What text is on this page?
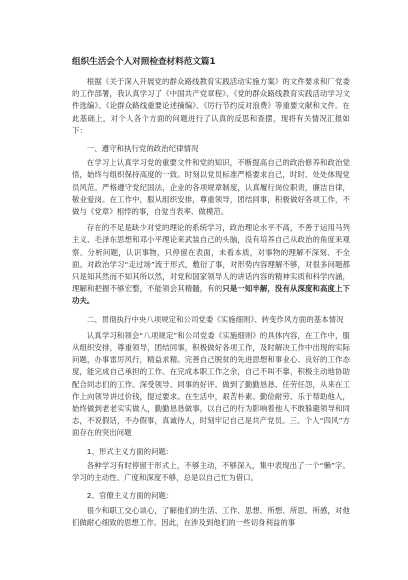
组织生活会个人对照检查材料范文篇1

根据《关于深入开展党的群众路线教育实践活动实施方案》的文件要求和厂党委的工作部署，我认真学习了《中国共产党章程》、《党的群众路线教育实践活动学习文件选编》、《论群众路线重要论述摘编》、《厉行节约反对浪费》等重要文献和文件。在此基础上，对个人各个方面的问题进行了认真的反思和查摆，现将有关情况汇报如下：

一、遵守和执行党的政治纪律情况

在学习上认真学习党的重要文件和党的知识，不断提高自己的政治修养和政治觉悟，始终与组织保持高度的一致。时刻以党员标准严格要求自己，时时、处处体现党员风范。严格遵守党纪国法，企业的各项规章制度，认真履行岗位职责，廉洁自律，敬业爱岗。在工作中，服从组织安排，尊重领导，团结同事，积极做好各项工作，不做与《党章》相悖的事，自觉当表率、做模范。

存在的不足是缺少对党的理论的系统学习，政治理论水平不高，不善于运用马列主义、毛泽东思想和邓小平理论来武装自己的头脑，没有培养自己从政治的角度来观察、分析问题，认识事物，只停留在表面，未看本质，对事物的理解不深刻、不全面。对政治学习“走过场”流于形式，敷衍了事，对形势内容理解不够，对很多问题都只是知其然而不知其所以然，对党和国家领导人的讲话内容的精神实质和科学内涵，理解和把握不够宏整，不能领会其精髓，有的只是一知半解，没有从深度和高度上下功夫。

二、贯彻执行中央八项规定和公司党委《实施细则》、转变作风方面的基本情况

认真学习和领会“八项规定”和公司党委《实施细则》的具体内容，在工作中，服从组织安排，尊重领导，团结同事，积极做好各项工作，及时解决工作中出现的实际问题，办事雷厉风行，精益求精。完善自己脱贫的先进思想和事业心、良好的工作态度，能完成自己承担的工作。在完成本职工作之余，自己不叫不靠，积极主动地协助配合同志们的工作。深受领导、同事的好评。做到了勤勤恳恳、任劳任怨，从来在工作上向领导讲过价钱，提过要求。在生活中，艰苦朴素、勤俭耐劳、乐于帮助他人，始终做到老老实实做人，勤勤恳恳做事，以自己的行为影响着他人不敢躲避领导和同志，不说假话，不办假事，真诚待人，时刻牢记自己是共产党员。三、个人“四风”方面存在的突出问题

1、形式主义方面的问题：

各种学习有时停留于形式上，不够主动，不够深入，集中表现出了一个“懒”字。学习的主动性、广度和深度不够，总是以自己忙为借口。

2、官僚主义方面的问题：

很少和职工交心谈心，了解他们的生活、工作、思想、所想、所思、所感，对他们做耐心细致的思想工作。因此，在涉及到他们的一些切身利益的事
